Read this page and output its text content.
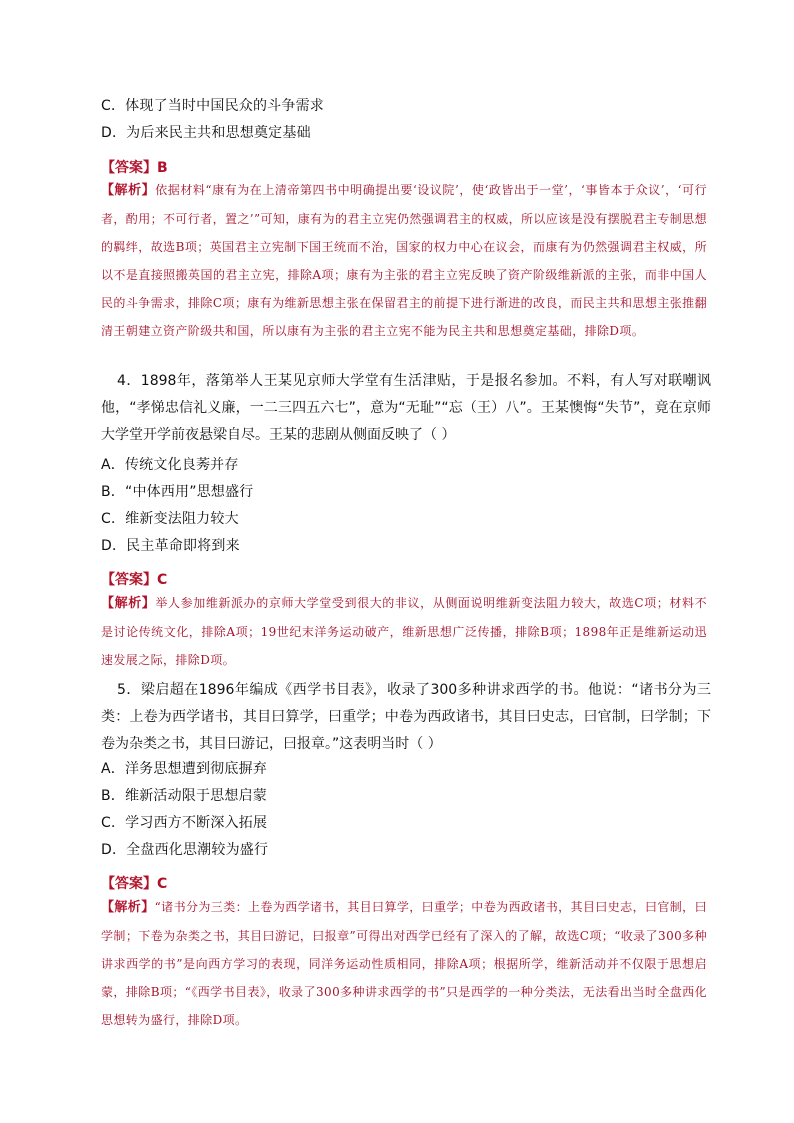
C．体现了当时中国民众的斗争需求
D．为后来民主共和思想奠定基础
【答案】B
【解析】依据材料“康有为在上清帝第四书中明确提出要‘设议院’，使‘政皆出于一堂’，‘事皆本于众议’，‘可行者，酌用；不可行者，置之’”可知，康有为的君主立宪仍然强调君主的权威，所以应该是没有摆脱君主专制思想的羁绊，故选B项；英国君主立宪制下国王统而不治，国家的权力中心在议会，而康有为仍然强调君主权威，所以不是直接照搬英国的君主立宪，排除A项；康有为主张的君主立宪反映了资产阶级维新派的主张，而非中国人民的斗争需求，排除C项；康有为维新思想主张在保留君主的前提下进行渐进的改良，而民主共和思想主张推翻清王朝建立资产阶级共和国，所以康有为主张的君主立宪不能为民主共和思想奠定基础，排除D项。
4．1898年，落第举人王某见京师大学堂有生活津贴，于是报名参加。不料，有人写对联嘲讽他，“孝悌忠信礼义廉，一二三四五六七”，意为“无耻”“忘（王）八”。王某懊悔“失节”，竟在京师大学堂开学前夜悬梁自尽。王某的悲剧从侧面反映了（ ）
A．传统文化良莠并存
B．“中体西用”思想盛行
C．维新变法阻力较大
D．民主革命即将到来
【答案】C
【解析】举人参加维新派办的京师大学堂受到很大的非议，从侧面说明维新变法阻力较大，故选C项；材料不是讨论传统文化，排除A项；19世纪末洋务运动破产，维新思想广泛传播，排除B项；1898年正是维新运动迅速发展之际，排除D项。
5．梁启超在1896年编成《西学书目表》，收录了300多种讲求西学的书。他说：“诸书分为三类：上卷为西学诸书，其目曰算学，曰重学；中卷为西政诸书，其目曰史志，曰官制，曰学制；下卷为杂类之书，其目曰游记，曰报章。”这表明当时（ ）
A．洋务思想遭到彻底摒弃
B．维新活动限于思想启蒙
C．学习西方不断深入拓展
D．全盘西化思潮较为盛行
【答案】C
【解析】“诸书分为三类：上卷为西学诸书，其目曰算学，曰重学；中卷为西政诸书，其目曰史志，曰官制，曰学制；下卷为杂类之书，其目曰游记，曰报章”可得出对西学已经有了深入的了解，故选C项；“收录了300多种讲求西学的书”是向西方学习的表现，同洋务运动性质相同，排除A项；根据所学，维新活动并不仅限于思想启蒙，排除B项；“《西学书目表》，收录了300多种讲求西学的书”只是西学的一种分类法，无法看出当时全盘西化思想转为盛行，排除D项。
